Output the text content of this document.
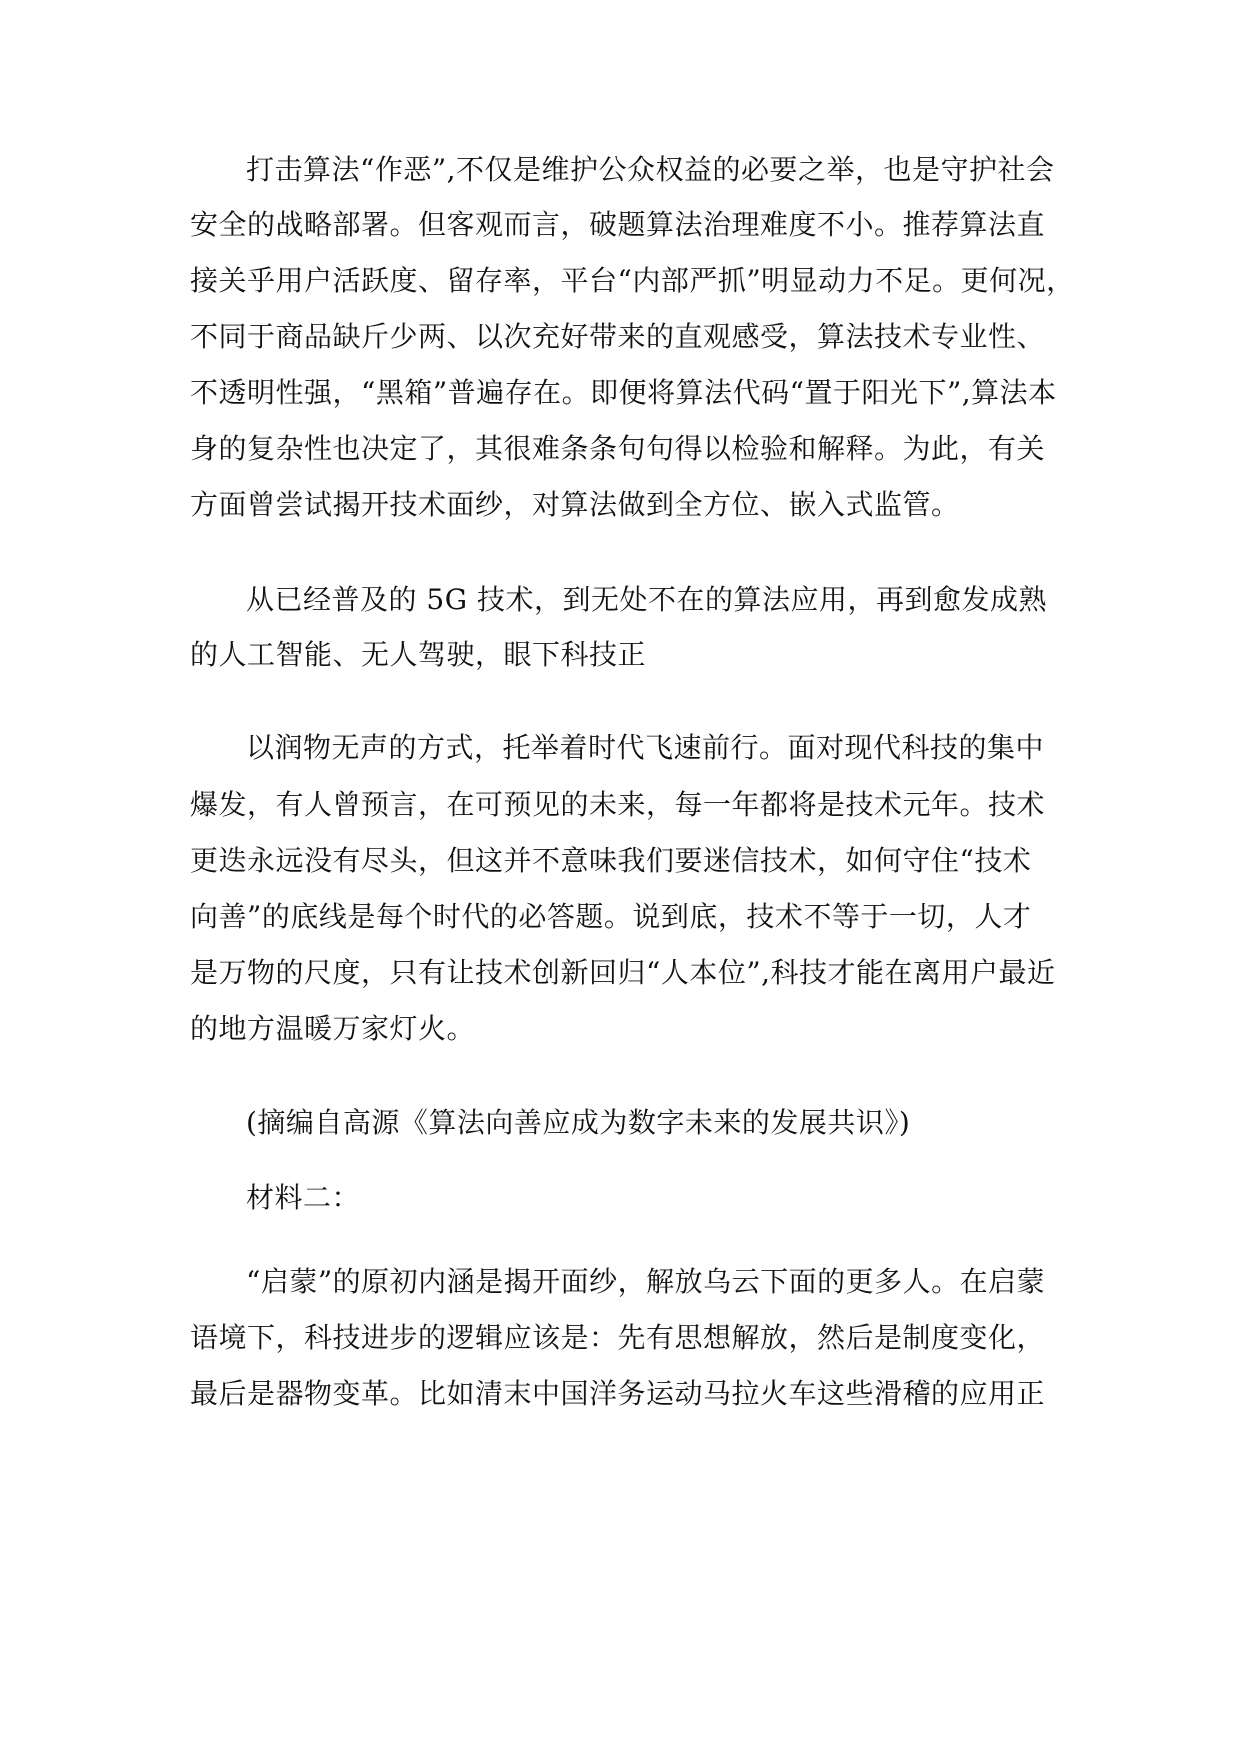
打击算法“作恶”,不仅是维护公众权益的必要之举，也是守护社会
安全的战略部署。但客观而言，破题算法治理难度不小。推荐算法直
接关乎用户活跃度、留存率，平台“内部严抓”明显动力不足。更何况，
不同于商品缺斤少两、以次充好带来的直观感受，算法技术专业性、
不透明性强，“黑箱”普遍存在。即便将算法代码“置于阳光下”,算法本
身的复杂性也决定了，其很难条条句句得以检验和解释。为此，有关
方面曾尝试揭开技术面纱，对算法做到全方位、嵌入式监管。
从已经普及的 5G 技术，到无处不在的算法应用，再到愈发成熟
的人工智能、无人驾驶，眼下科技正
以润物无声的方式，托举着时代飞速前行。面对现代科技的集中
爆发，有人曾预言，在可预见的未来，每一年都将是技术元年。技术
更迭永远没有尽头，但这并不意味我们要迷信技术，如何守住“技术
向善”的底线是每个时代的必答题。说到底，技术不等于一切，人才
是万物的尺度，只有让技术创新回归“人本位”,科技才能在离用户最近
的地方温暖万家灯火。
(摘编自高源《算法向善应成为数字未来的发展共识》)
材料二：
“启蒙”的原初内涵是揭开面纱，解放乌云下面的更多人。在启蒙
语境下，科技进步的逻辑应该是：先有思想解放，然后是制度变化，
最后是器物变革。比如清末中国洋务运动马拉火车这些滑稽的应用正
